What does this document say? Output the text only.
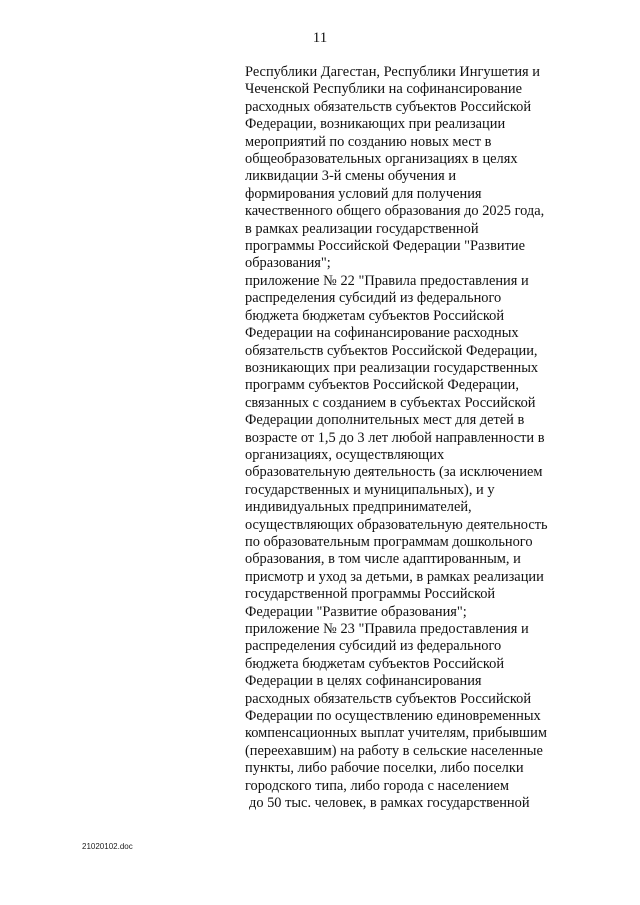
11
Республики Дагестан, Республики Ингушетия и
Чеченской Республики на софинансирование
расходных обязательств субъектов Российской
Федерации, возникающих при реализации
мероприятий по созданию новых мест в
общеобразовательных организациях в целях
ликвидации 3-й смены обучения и
формирования условий для получения
качественного общего образования до 2025 года,
в рамках реализации государственной
программы Российской Федерации "Развитие
образования";
приложение № 22 "Правила предоставления и
распределения субсидий из федерального
бюджета бюджетам субъектов Российской
Федерации на софинансирование расходных
обязательств субъектов Российской Федерации,
возникающих при реализации государственных
программ субъектов Российской Федерации,
связанных с созданием в субъектах Российской
Федерации дополнительных мест для детей в
возрасте от 1,5 до 3 лет любой направленности в
организациях, осуществляющих
образовательную деятельность (за исключением
государственных и муниципальных), и у
индивидуальных предпринимателей,
осуществляющих образовательную деятельность
по образовательным программам дошкольного
образования, в том числе адаптированным, и
присмотр и уход за детьми, в рамках реализации
государственной программы Российской
Федерации "Развитие образования";
приложение № 23 "Правила предоставления и
распределения субсидий из федерального
бюджета бюджетам субъектов Российской
Федерации в целях софинансирования
расходных обязательств субъектов Российской
Федерации по осуществлению единовременных
компенсационных выплат учителям, прибывшим
(переехавшим) на работу в сельские населенные
пункты, либо рабочие поселки, либо поселки
городского типа, либо города с населением
до 50 тыс. человек, в рамках государственной
21020102.doc
